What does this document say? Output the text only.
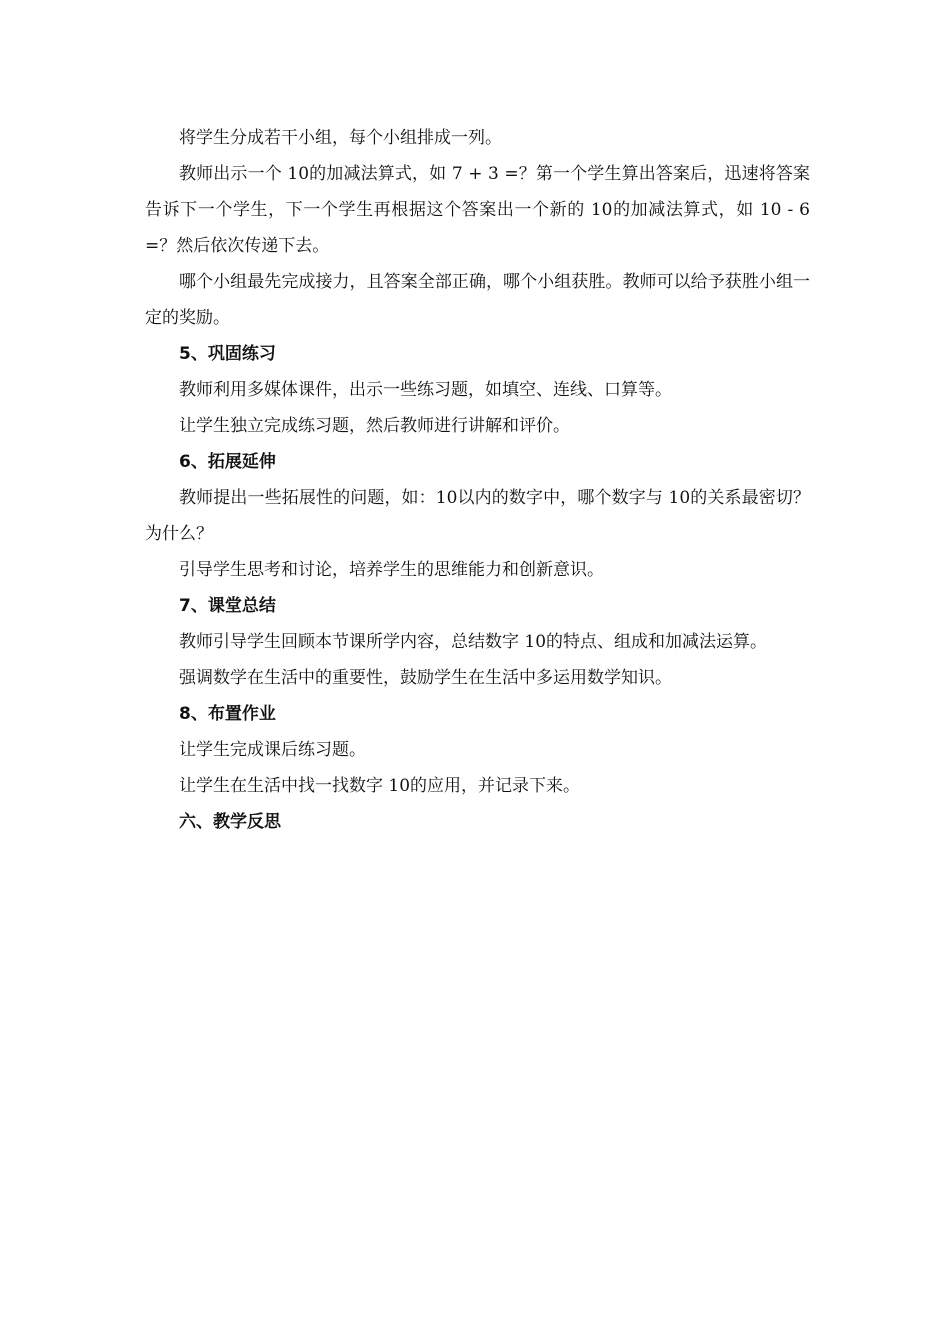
将学生分成若干小组，每个小组排成一列。

教师出示一个 10的加减法算式，如 7 + 3 =？第一个学生算出答案后，迅速将答案告诉下一个学生，下一个学生再根据这个答案出一个新的 10的加减法算式，如 10 - 6 =？然后依次传递下去。

哪个小组最先完成接力，且答案全部正确，哪个小组获胜。教师可以给予获胜小组一定的奖励。

5、巩固练习

教师利用多媒体课件，出示一些练习题，如填空、连线、口算等。

让学生独立完成练习题，然后教师进行讲解和评价。

6、拓展延伸

教师提出一些拓展性的问题，如：10以内的数字中，哪个数字与 10的关系最密切？为什么？

引导学生思考和讨论，培养学生的思维能力和创新意识。

7、课堂总结

教师引导学生回顾本节课所学内容，总结数字 10的特点、组成和加减法运算。

强调数学在生活中的重要性，鼓励学生在生活中多运用数学知识。

8、布置作业

让学生完成课后练习题。

让学生在生活中找一找数字 10的应用，并记录下来。

六、教学反思
